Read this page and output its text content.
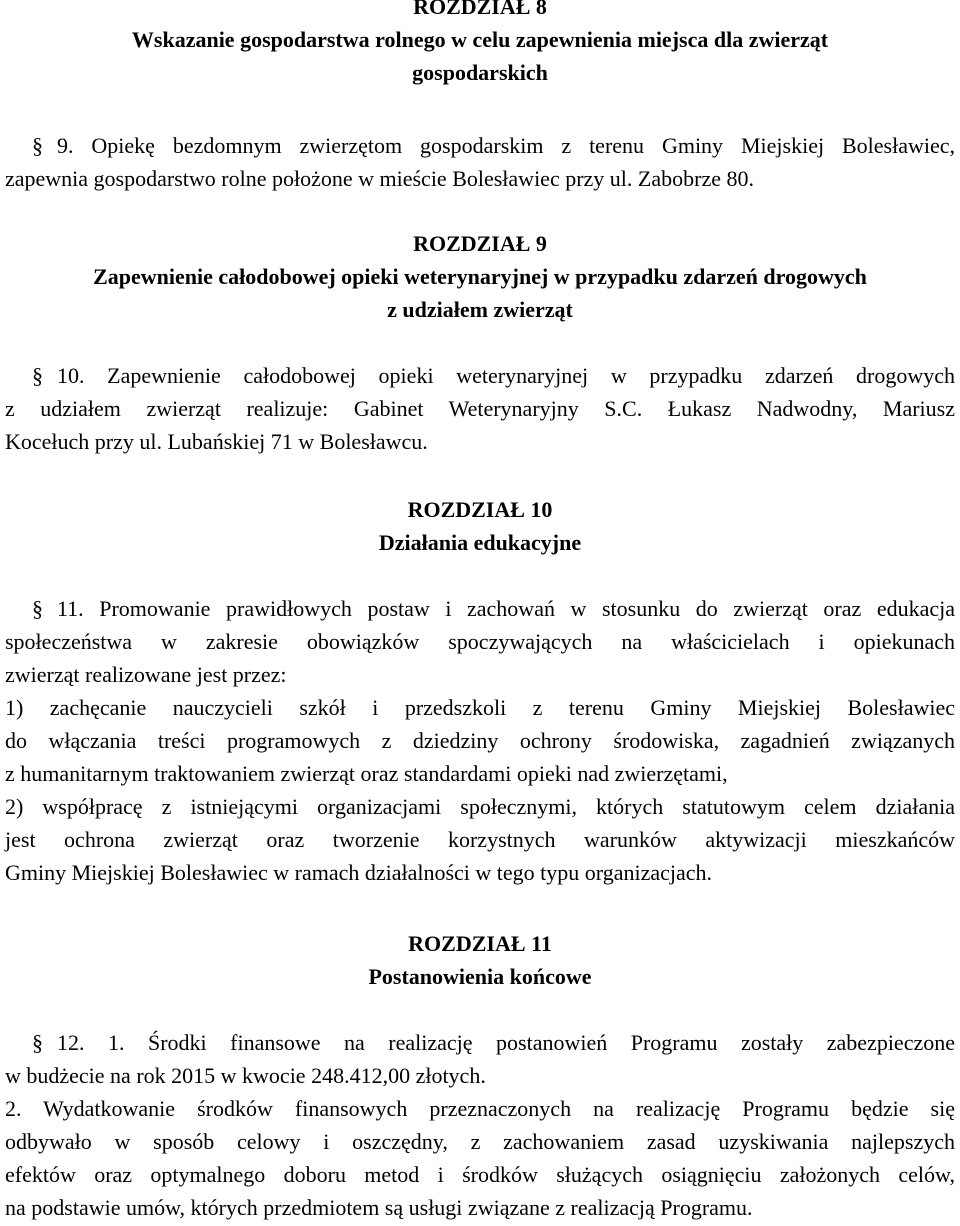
ROZDZIAŁ 8
Wskazanie gospodarstwa rolnego w celu zapewnienia miejsca dla zwierząt
gospodarskich
§ 9. Opiekę bezdomnym zwierzętom gospodarskim z terenu Gminy Miejskiej Bolesławiec,
zapewnia gospodarstwo rolne położone w mieście Bolesławiec przy ul. Zabobrze 80.
ROZDZIAŁ 9
Zapewnienie całodobowej opieki weterynaryjnej w przypadku zdarzeń drogowych
z udziałem zwierząt
§ 10. Zapewnienie całodobowej opieki weterynaryjnej w przypadku zdarzeń drogowych
z udziałem zwierząt realizuje: Gabinet Weterynaryjny S.C. Łukasz Nadwodny, Mariusz
Kocełuch przy ul. Lubańskiej 71 w Bolesławcu.
ROZDZIAŁ 10
Działania edukacyjne
§ 11. Promowanie prawidłowych postaw i zachowań w stosunku do zwierząt oraz edukacja
społeczeństwa w zakresie obowiązków spoczywających na właścicielach i opiekunach
zwierząt realizowane jest przez:
1) zachęcanie nauczycieli szkół i przedszkoli z terenu Gminy Miejskiej Bolesławiec
do włączania treści programowych z dziedziny ochrony środowiska, zagadnień związanych
z humanitarnym traktowaniem zwierząt oraz standardami opieki nad zwierzętami,
2) współpracę z istniejącymi organizacjami społecznymi, których statutowym celem działania
jest ochrona zwierząt oraz tworzenie korzystnych warunków aktywizacji mieszkańców
Gminy Miejskiej Bolesławiec w ramach działalności w tego typu organizacjach.
ROZDZIAŁ 11
Postanowienia końcowe
§ 12. 1. Środki finansowe na realizację postanowień Programu zostały zabezpieczone
w budżecie na rok 2015 w kwocie 248.412,00 złotych.
2. Wydatkowanie środków finansowych przeznaczonych na realizację Programu będzie się
odbywało w sposób celowy i oszczędny, z zachowaniem zasad uzyskiwania najlepszych
efektów oraz optymalnego doboru metod i środków służących osiągnięciu założonych celów,
na podstawie umów, których przedmiotem są usługi związane z realizacją Programu.
